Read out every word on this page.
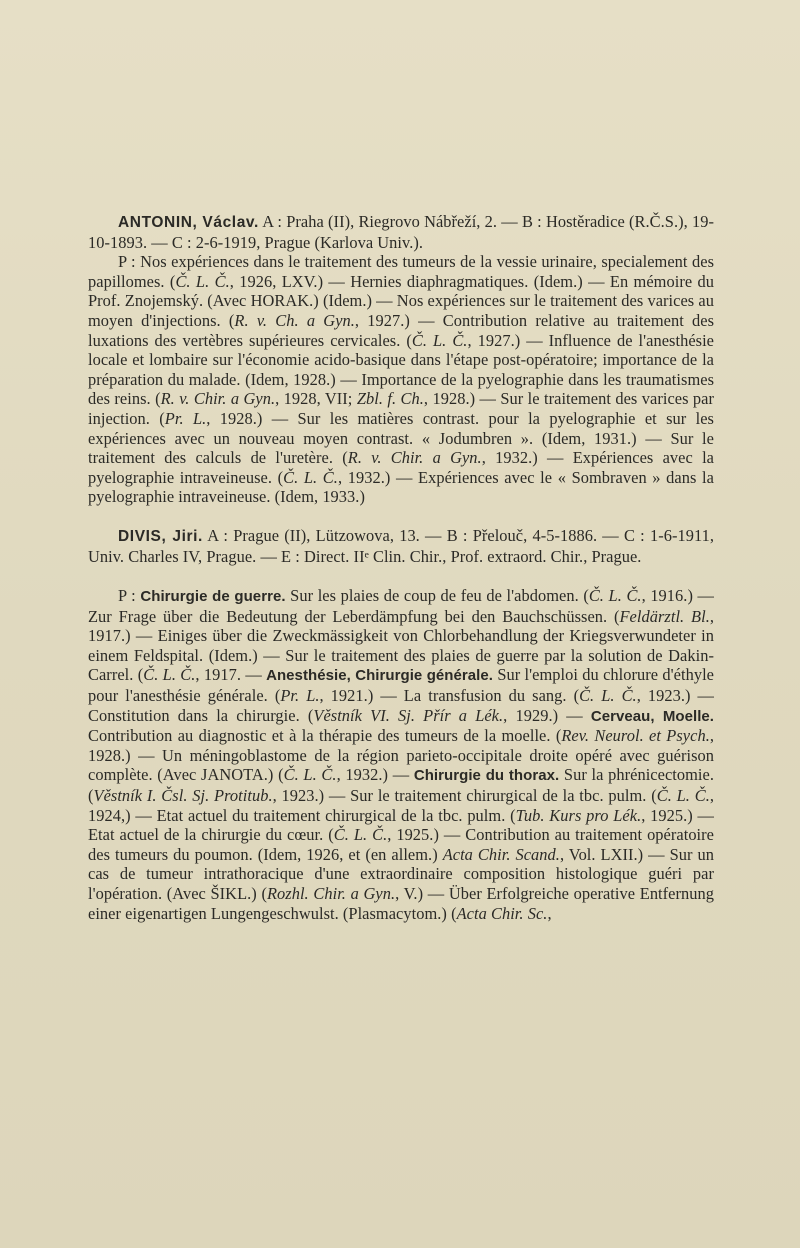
ANTONIN, Václav. A : Praha (II), Riegrovo Nábřeží, 2. — B : Hostěradice (R.Č.S.), 19-10-1893. — C : 2-6-1919, Prague (Karlova Univ.).

P : Nos expériences dans le traitement des tumeurs de la vessie urinaire, specialement des papillomes. (Č. L. Č., 1926, LXV.) — Hernies diaphragmatiques. (Idem.) — En mémoire du Prof. Znojemský. (Avec HORAK.) (Idem.) — Nos expériences sur le traitement des varices au moyen d'injections. (R. v. Ch. a Gyn., 1927.) — Contribution relative au traitement des luxations des vertèbres supérieures cervicales. (Č. L. Č., 1927.) — Influence de l'anesthésie locale et lombaire sur l'économie acido-basique dans l'étape post-opératoire; importance de la préparation du malade. (Idem, 1928.) — Importance de la pyelographie dans les traumatismes des reins. (R. v. Chir. a Gyn., 1928, VII; Zbl. f. Ch., 1928.) — Sur le traitement des varices par injection. (Pr. L., 1928.) — Sur les matières contrast. pour la pyelographie et sur les expériences avec un nouveau moyen contrast. « Jodumbren ». (Idem, 1931.) — Sur le traitement des calculs de l'uretère. (R. v. Chir. a Gyn., 1932.) — Expériences avec la pyelographie intraveineuse. (Č. L. Č., 1932.) — Expériences avec le « Sombraven » dans la pyelographie intraveineuse. (Idem, 1933.)

DIVIS, Jiri. A : Prague (II), Lützowova, 13. — B : Přelouč, 4-5-1886. — C : 1-6-1911, Univ. Charles IV, Prague. — E : Direct. IIᵉ Clin. Chir., Prof. extraord. Chir., Prague.

P : Chirurgie de guerre. Sur les plaies de coup de feu de l'abdomen. (Č. L. Č., 1916.) — Zur Frage über die Bedeutung der Leberdämpfung bei den Bauchschüssen. (Feldärztl. Bl., 1917.) — Einiges über die Zweckmässigkeit von Chlorbehandlung der Kriegsverwundeter in einem Feldspital. (Idem.) — Sur le traitement des plaies de guerre par la solution de Dakin-Carrel. (Č. L. Č., 1917. — Anesthésie, Chirurgie générale. Sur l'emploi du chlorure d'éthyle pour l'anesthésie générale. (Pr. L., 1921.) — La transfusion du sang. (Č. L. Č., 1923.) — Constitution dans la chirurgie. (Věstník VI. Sj. Přír a Lék., 1929.) — Cerveau, Moelle. Contribution au diagnostic et à la thérapie des tumeurs de la moelle. (Rev. Neurol. et Psych., 1928.) — Un méningoblastome de la région parieto-occipitale droite opéré avec guérison complète. (Avec JANOTA.) (Č. L. Č., 1932.) — Chirurgie du thorax. Sur la phrénicectomie. (Věstník I. Čsl. Sj. Protitub., 1923.) — Sur le traitement chirurgical de la tbc. pulm. (Č. L. Č., 1924,) — Etat actuel du traitement chirurgical de la tbc. pulm. (Tub. Kurs pro Lék., 1925.) — Etat actuel de la chirurgie du cœur. (Č. L. Č., 1925.) — Contribution au traitement opératoire des tumeurs du poumon. (Idem, 1926, et (en allem.) Acta Chir. Scand., Vol. LXII.) — Sur un cas de tumeur intrathoracique d'une extraordinaire composition histologique guéri par l'opération. (Avec ŠIKL.) (Rozhl. Chir. a Gyn., V.) — Über Erfolgreiche operative Entfernung einer eigenartigen Lungengeschwulst. (Plasmacytom.) (Acta Chir. Sc.,
